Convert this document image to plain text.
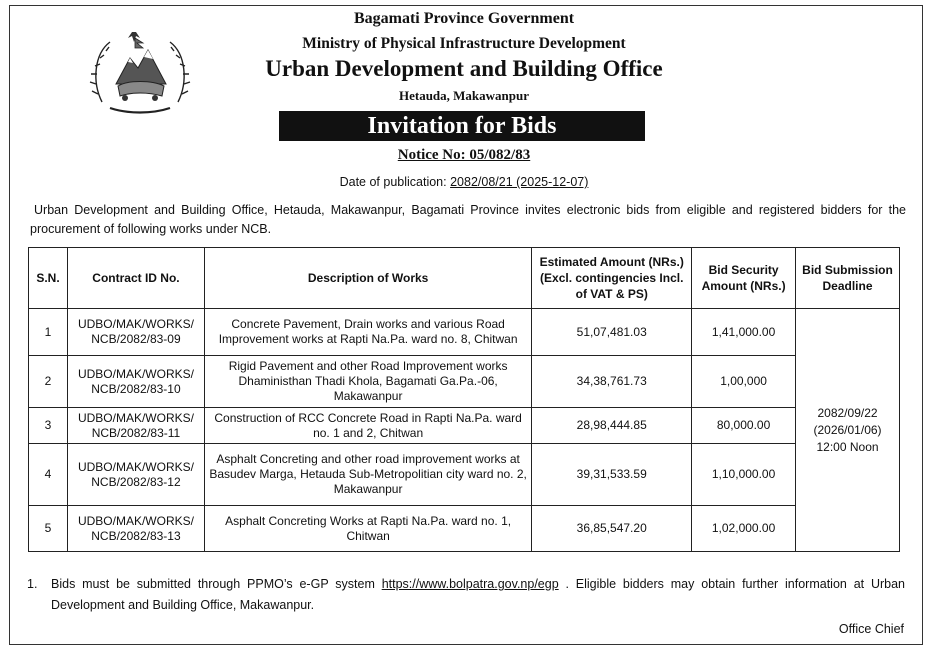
Bagamati Province Government
Ministry of Physical Infrastructure Development
Urban Development and Building Office
Hetauda, Makawanpur
Invitation for Bids
Notice No: 05/082/83
Date of publication: 2082/08/21 (2025-12-07)
Urban Development and Building Office, Hetauda, Makawanpur, Bagamati Province invites electronic bids from eligible and registered bidders for the procurement of following works under NCB.
S.N.	Contract ID No.	Description of Works	Estimated Amount (NRs.) (Excl. contingencies Incl. of VAT & PS)	Bid Security Amount (NRs.)	Bid Submission Deadline
1	UDBO/MAK/WORKS/ NCB/2082/83-09	Concrete Pavement, Drain works and various Road Improvement works at Rapti Na.Pa. ward no. 8, Chitwan	51,07,481.03	1,41,000.00	2082/09/22
(2026/01/06)
12:00 Noon

2	UDBO/MAK/WORKS/ NCB/2082/83-10	Rigid Pavement and other Road Improvement works Dhaministhan Thadi Khola, Bagamati Ga.Pa.-06, Makawanpur	34,38,761.73	1,00,000	
3	UDBO/MAK/WORKS/ NCB/2082/83-11	Construction of RCC Concrete Road in Rapti Na.Pa. ward no. 1 and 2, Chitwan	28,98,444.85	80,000.00	
4	UDBO/MAK/WORKS/ NCB/2082/83-12	Asphalt Concreting and other road improvement works at Basudev Marga, Hetauda Sub-Metropolitian city ward no. 2, Makawanpur	39,31,533.59	1,10,000.00	
5	UDBO/MAK/WORKS/ NCB/2082/83-13	Asphalt Concreting Works at Rapti Na.Pa. ward no. 1, Chitwan	36,85,547.20	1,02,000.00	
1. Bids must be submitted through PPMO’s e-GP system https://www.bolpatra.gov.np/egp . Eligible bidders may obtain further information at Urban Development and Building Office, Makawanpur.
Office Chief
